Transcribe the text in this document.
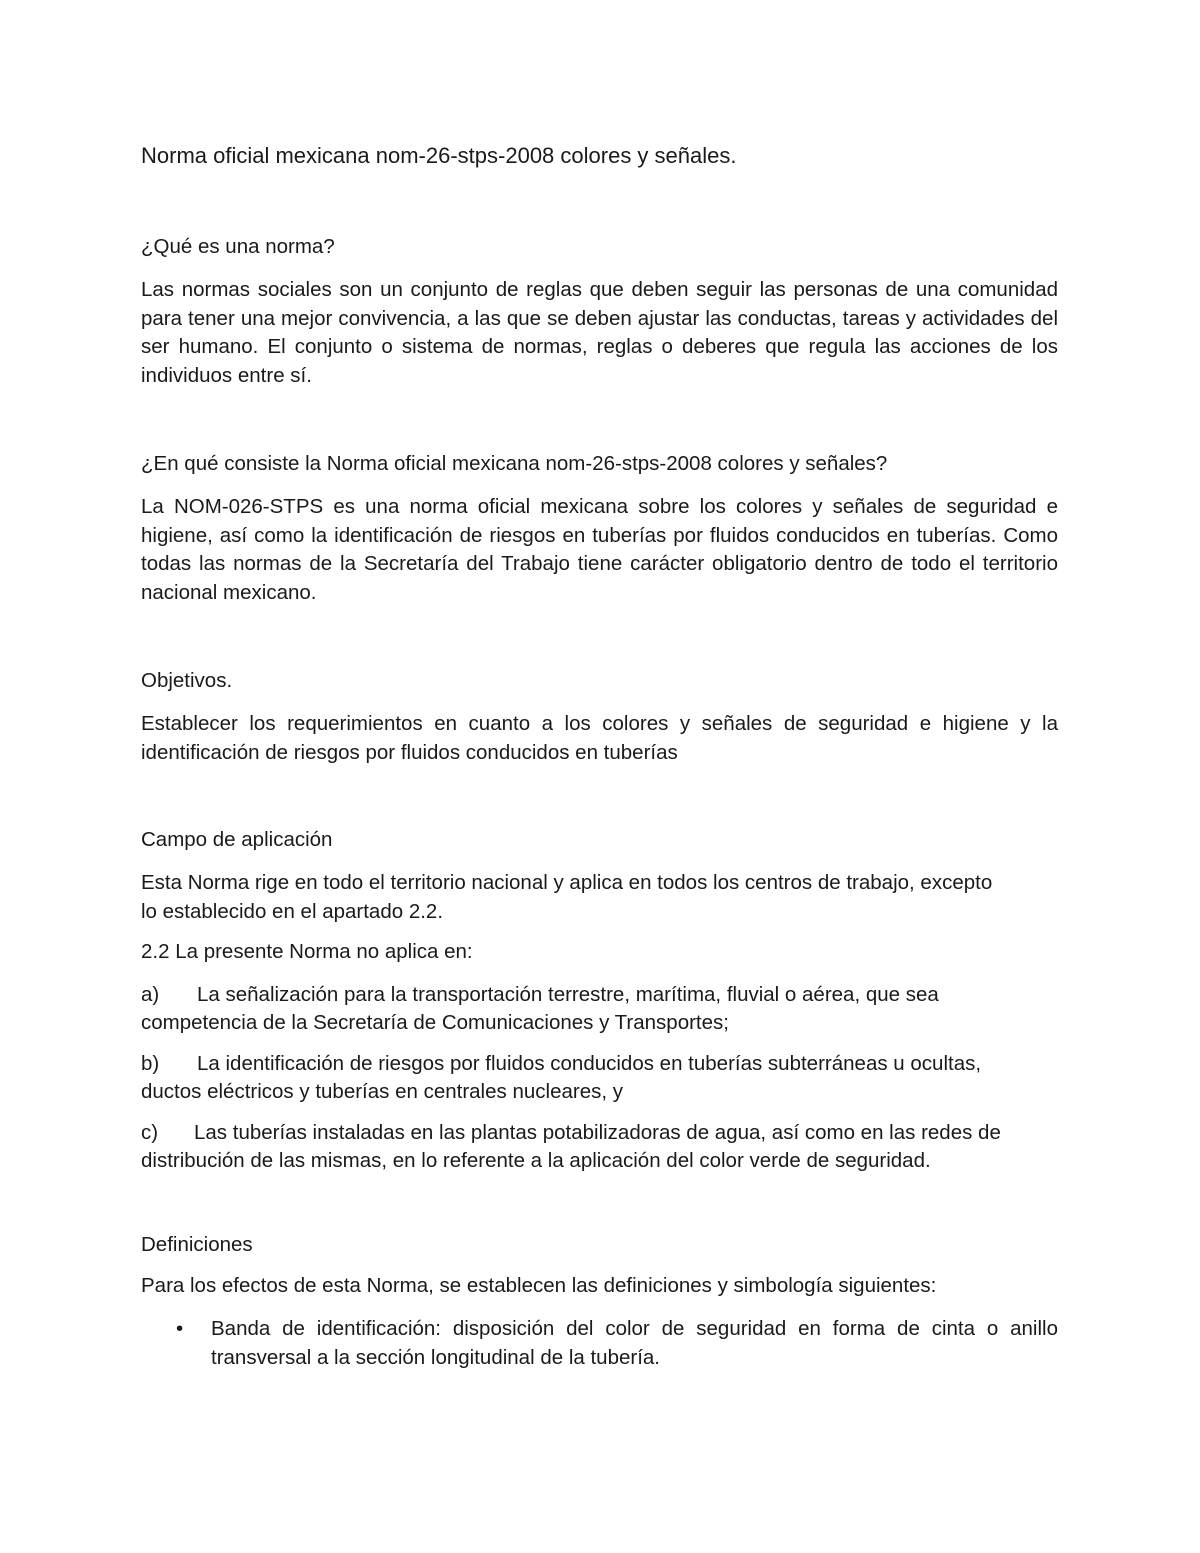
Norma oficial mexicana nom-26-stps-2008 colores y señales.

¿Qué es una norma?

Las normas sociales son un conjunto de reglas que deben seguir las personas de una comunidad para tener una mejor convivencia, a las que se deben ajustar las conductas, tareas y actividades del ser humano. El conjunto o sistema de normas, reglas o deberes que regula las acciones de los individuos entre sí.

¿En qué consiste la Norma oficial mexicana nom-26-stps-2008 colores y señales?

La NOM-026-STPS es una norma oficial mexicana sobre los colores y señales de seguridad e higiene, así como la identificación de riesgos en tuberías por fluidos conducidos en tuberías. Como todas las normas de la Secretaría del Trabajo tiene carácter obligatorio dentro de todo el territorio nacional mexicano.

Objetivos.

Establecer los requerimientos en cuanto a los colores y señales de seguridad e higiene y la identificación de riesgos por fluidos conducidos en tuberías

Campo de aplicación

Esta Norma rige en todo el territorio nacional y aplica en todos los centros de trabajo, excepto
lo establecido en el apartado 2.2.

2.2 La presente Norma no aplica en:

a) La señalización para la transportación terrestre, marítima, fluvial o aérea, que sea
competencia de la Secretaría de Comunicaciones y Transportes;
b) La identificación de riesgos por fluidos conducidos en tuberías subterráneas u ocultas,
ductos eléctricos y tuberías en centrales nucleares, y
c) Las tuberías instaladas en las plantas potabilizadoras de agua, así como en las redes de
distribución de las mismas, en lo referente a la aplicación del color verde de seguridad.

Definiciones

Para los efectos de esta Norma, se establecen las definiciones y simbología siguientes:

•	Banda de identificación: disposición del color de seguridad en forma de cinta o anillo transversal a la sección longitudinal de la tubería.
